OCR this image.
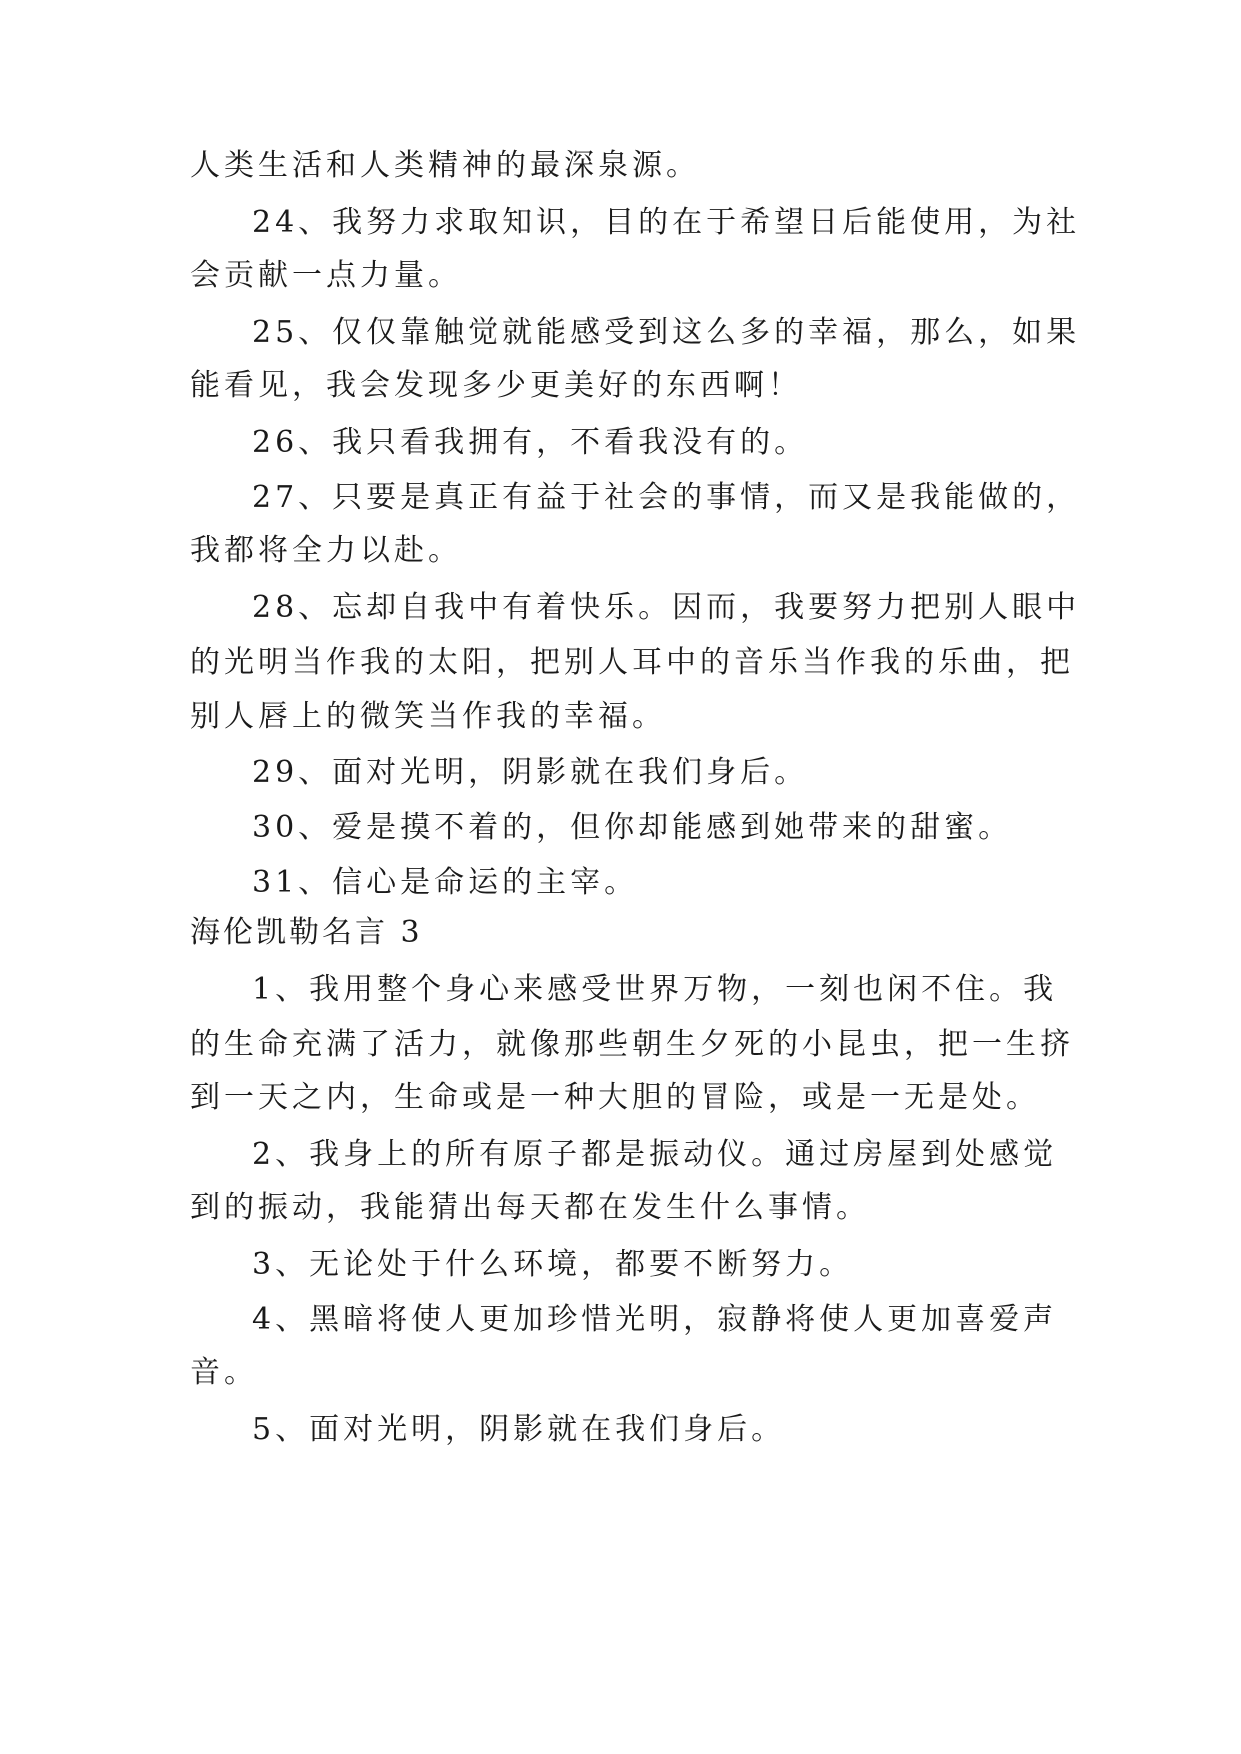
人类生活和人类精神的最深泉源。
24、我努力求取知识，目的在于希望日后能使用，为社
会贡献一点力量。
25、仅仅靠触觉就能感受到这么多的幸福，那么，如果
能看见，我会发现多少更美好的东西啊！
26、我只看我拥有，不看我没有的。
27、只要是真正有益于社会的事情，而又是我能做的，
我都将全力以赴。
28、忘却自我中有着快乐。因而，我要努力把别人眼中
的光明当作我的太阳，把别人耳中的音乐当作我的乐曲，把
别人唇上的微笑当作我的幸福。
29、面对光明，阴影就在我们身后。
30、爱是摸不着的，但你却能感到她带来的甜蜜。
31、信心是命运的主宰。
海伦凯勒名言 3
1、我用整个身心来感受世界万物，一刻也闲不住。我
的生命充满了活力，就像那些朝生夕死的小昆虫，把一生挤
到一天之内，生命或是一种大胆的冒险，或是一无是处。
2、我身上的所有原子都是振动仪。通过房屋到处感觉
到的振动，我能猜出每天都在发生什么事情。
3、无论处于什么环境，都要不断努力。
4、黑暗将使人更加珍惜光明，寂静将使人更加喜爱声
音。
5、面对光明，阴影就在我们身后。
